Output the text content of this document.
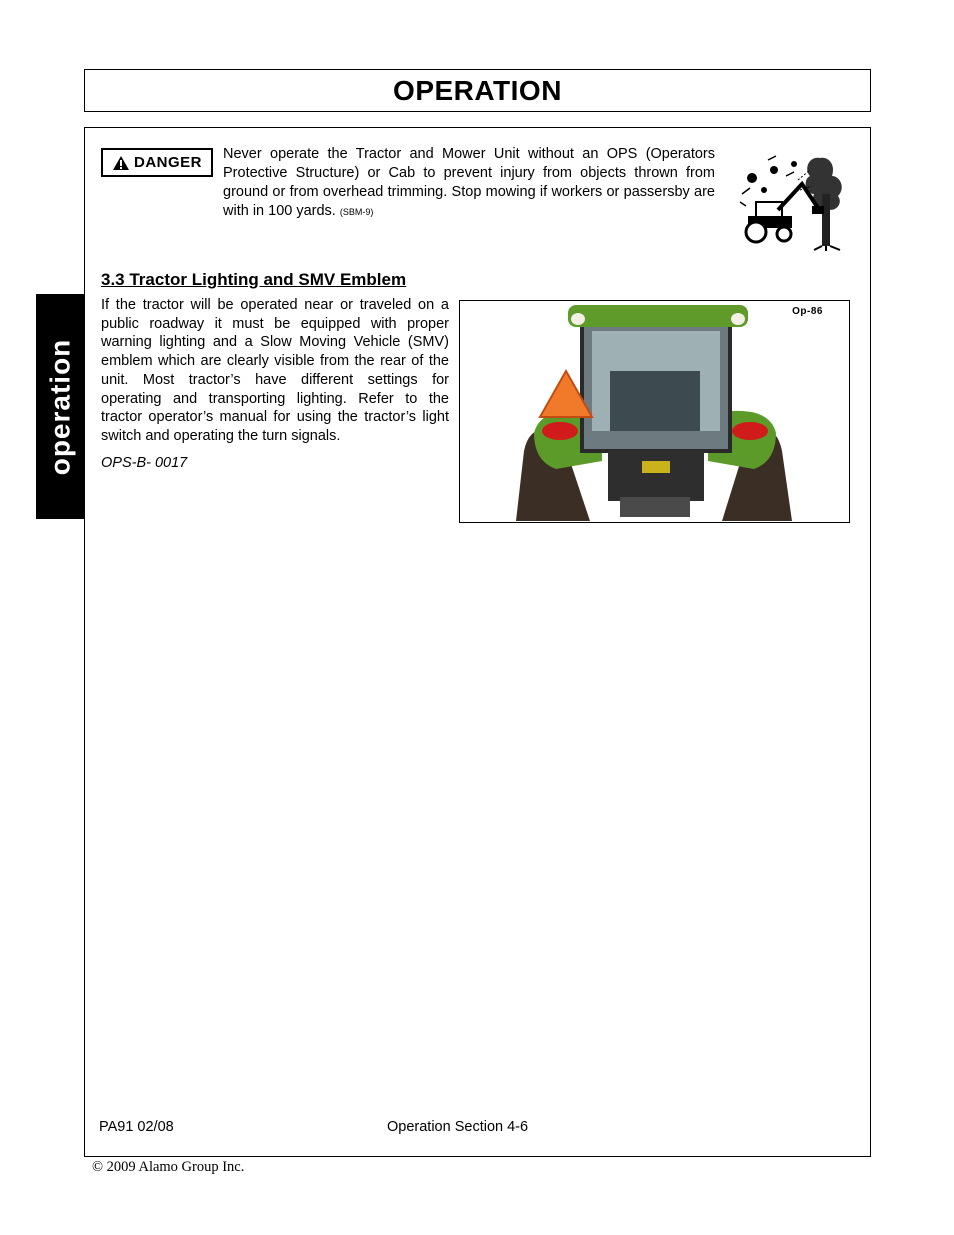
OPERATION
operation
DANGER Never operate the Tractor and Mower Unit without an OPS (Operators Protective Structure) or Cab to prevent injury from objects thrown from ground or from overhead trimming. Stop mowing if workers or passersby are with in 100 yards. (SBM-9)
3.3 Tractor Lighting and SMV Emblem
If the tractor will be operated near or traveled on a public roadway it must be equipped with proper warning lighting and a Slow Moving Vehicle (SMV) emblem which are clearly visible from the rear of the unit. Most tractor’s have different settings for operating and transporting lighting. Refer to the tractor operator’s manual for using the tractor’s light switch and operating the turn signals.
OPS-B- 0017
Op-86
PA91 02/08	Operation Section 4-6
© 2009 Alamo Group Inc.
